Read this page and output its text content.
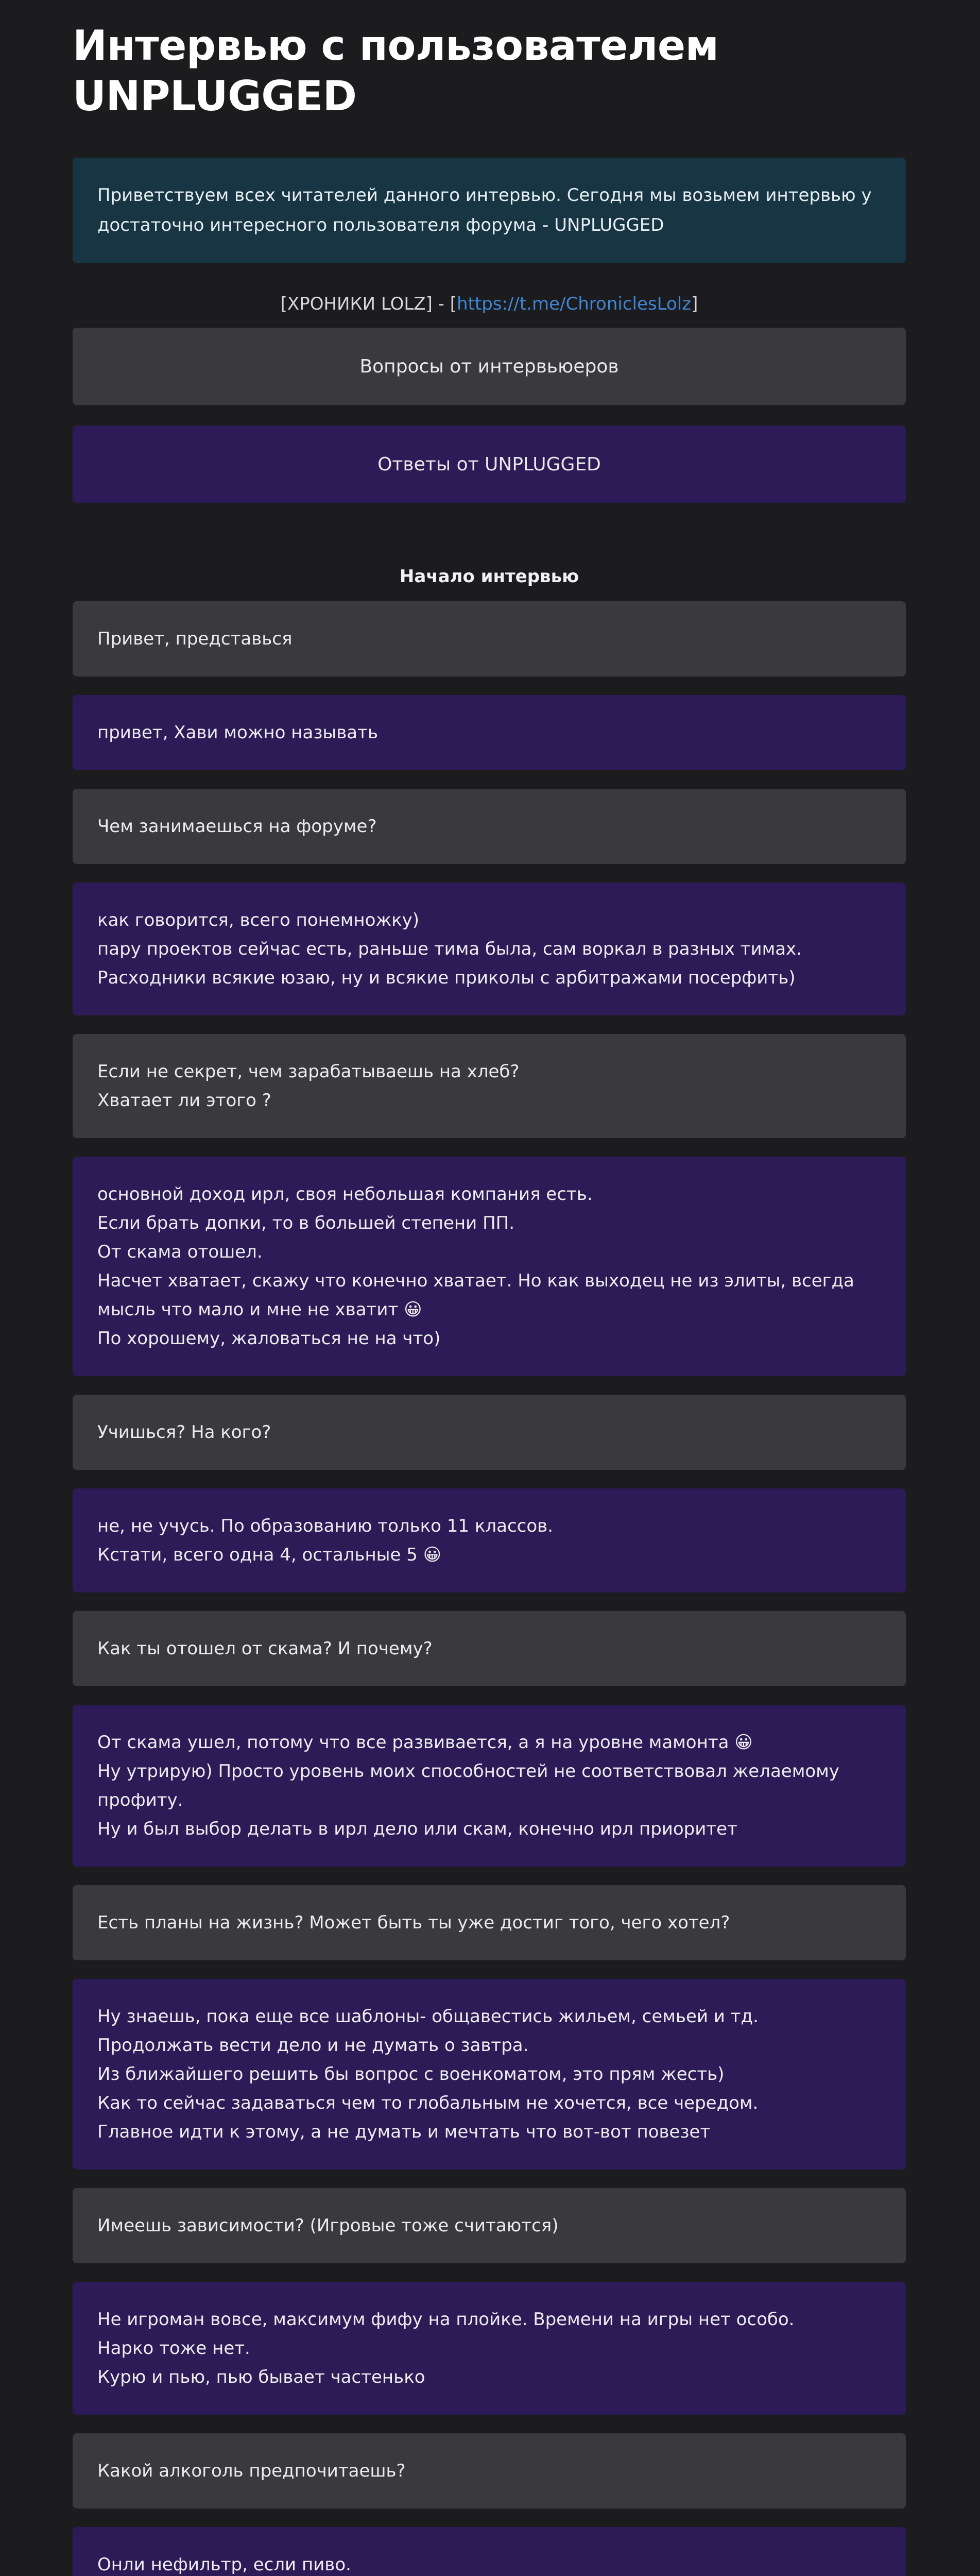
Интервью с пользователем UNPLUGGED
Приветствуем всех читателей данного интервью. Сегодня мы возьмем интервью у достаточно интересного пользователя форума - UNPLUGGED
[ХРОНИКИ LOLZ] - [https://t.me/ChroniclesLolz]
Вопросы от интервьюеров
Ответы от UNPLUGGED
Начало интервью
Привет, представься
привет, Хави можно называть
Чем занимаешься на форуме?
как говорится, всего понемножку)
пару проектов сейчас есть, раньше тима была, сам воркал в разных тимах.
Расходники всякие юзаю, ну и всякие приколы с арбитражами посерфить)
Если не секрет, чем зарабатываешь на хлеб?
Хватает ли этого ?
основной доход ирл, своя небольшая компания есть.
Если брать допки, то в большей степени ПП.
От скама отошел.
Насчет хватает, скажу что конечно хватает. Но как выходец не из элиты, всегда мысль что мало и мне не хватит 😀
По хорошему, жаловаться не на что)
Учишься? На кого?
не, не учусь. По образованию только 11 классов.
Кстати, всего одна 4, остальные 5 😀
Как ты отошел от скама? И почему?
От скама ушел, потому что все развивается, а я на уровне мамонта 😀
Ну утрирую) Просто уровень моих способностей не соответствовал желаемому профиту.
Ну и был выбор делать в ирл дело или скам, конечно ирл приоритет
Есть планы на жизнь? Может быть ты уже достиг того, чего хотел?
Ну знаешь, пока еще все шаблоны- общавестись жильем, семьей и тд.
Продолжать вести дело и не думать о завтра.
Из ближайшего решить бы вопрос с военкоматом, это прям жесть)
Как то сейчас задаваться чем то глобальным не хочется, все чередом.
Главное идти к этому, а не думать и мечтать что вот-вот повезет
Имеешь зависимости? (Игровые тоже считаются)
Не игроман вовсе, максимум фифу на плойке. Времени на игры нет особо.
Нарко тоже нет.
Курю и пью, пью бывает частенько
Какой алкоголь предпочитаешь?
Онли нефильтр, если пиво.
